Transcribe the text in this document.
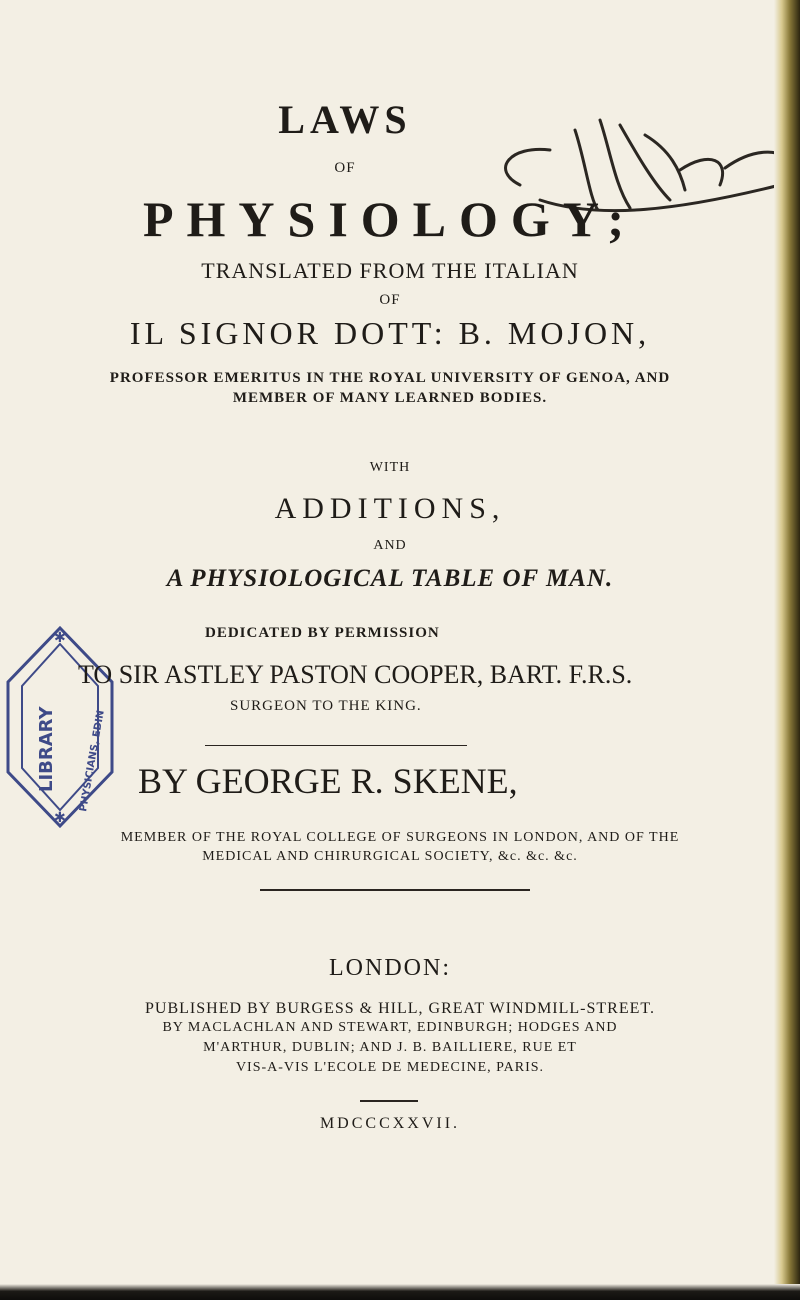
LAWS
OF
PHYSIOLOGY;
TRANSLATED FROM THE ITALIAN
OF
IL SIGNOR DOTT: B. MOJON,
PROFESSOR EMERITUS IN THE ROYAL UNIVERSITY OF GENOA, AND
MEMBER OF MANY LEARNED BODIES.
WITH
ADDITIONS,
AND
A PHYSIOLOGICAL TABLE OF MAN.
LIBRARY PHYSICIANS, EDIN
✱
✱
DEDICATED BY PERMISSION
TO SIR ASTLEY PASTON COOPER, BART. F.R.S.
SURGEON TO THE KING.
BY GEORGE R. SKENE,
MEMBER OF THE ROYAL COLLEGE OF SURGEONS IN LONDON, AND OF THE
MEDICAL AND CHIRURGICAL SOCIETY, &c. &c. &c.
LONDON:
PUBLISHED BY BURGESS & HILL, GREAT WINDMILL-STREET.
BY MACLACHLAN AND STEWART, EDINBURGH; HODGES AND
M'ARTHUR, DUBLIN; AND J. B. BAILLIERE, RUE ET
VIS-A-VIS L'ECOLE DE MEDECINE, PARIS.
MDCCCXXVII.
